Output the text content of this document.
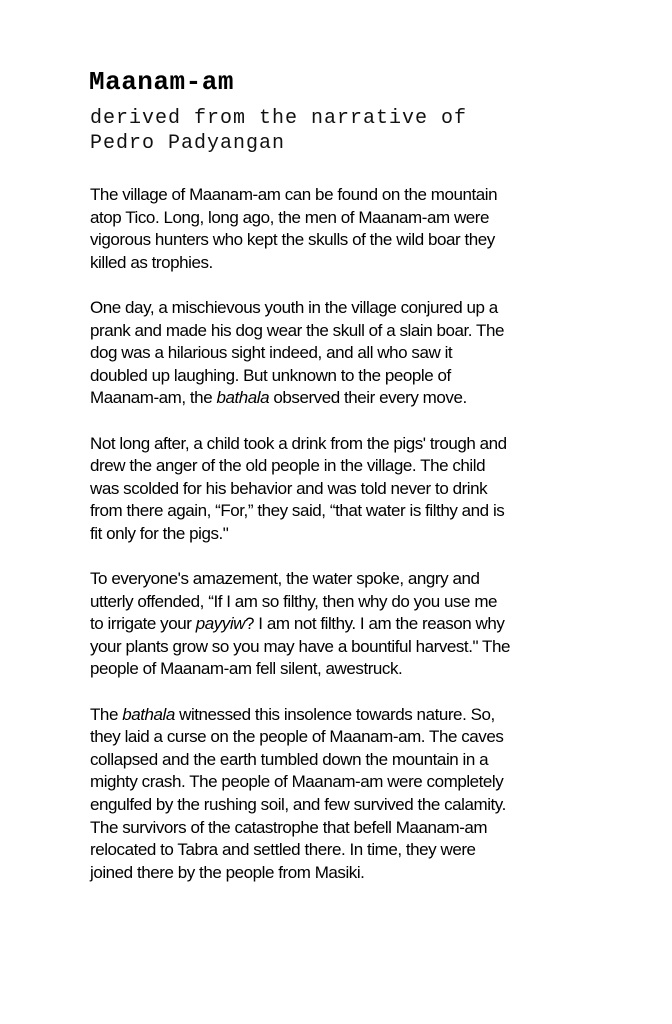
Maanam-am
derived from the narrative of
Pedro Padyangan

The village of Maanam-am can be found on the mountain
atop Tico. Long, long ago, the men of Maanam-am were
vigorous hunters who kept the skulls of the wild boar they
killed as trophies.

One day, a mischievous youth in the village conjured up a
prank and made his dog wear the skull of a slain boar. The
dog was a hilarious sight indeed, and all who saw it
doubled up laughing. But unknown to the people of
Maanam-am, the bathala observed their every move.

Not long after, a child took a drink from the pigs' trough and
drew the anger of the old people in the village. The child
was scolded for his behavior and was told never to drink
from there again, “For,” they said, “that water is filthy and is
fit only for the pigs."

To everyone's amazement, the water spoke, angry and
utterly offended, “If I am so filthy, then why do you use me
to irrigate your payyiw? I am not filthy. I am the reason why
your plants grow so you may have a bountiful harvest." The
people of Maanam-am fell silent, awestruck.

The bathala witnessed this insolence towards nature. So,
they laid a curse on the people of Maanam-am. The caves
collapsed and the earth tumbled down the mountain in a
mighty crash. The people of Maanam-am were completely
engulfed by the rushing soil, and few survived the calamity.
The survivors of the catastrophe that befell Maanam-am
relocated to Tabra and settled there. In time, they were
joined there by the people from Masiki.
